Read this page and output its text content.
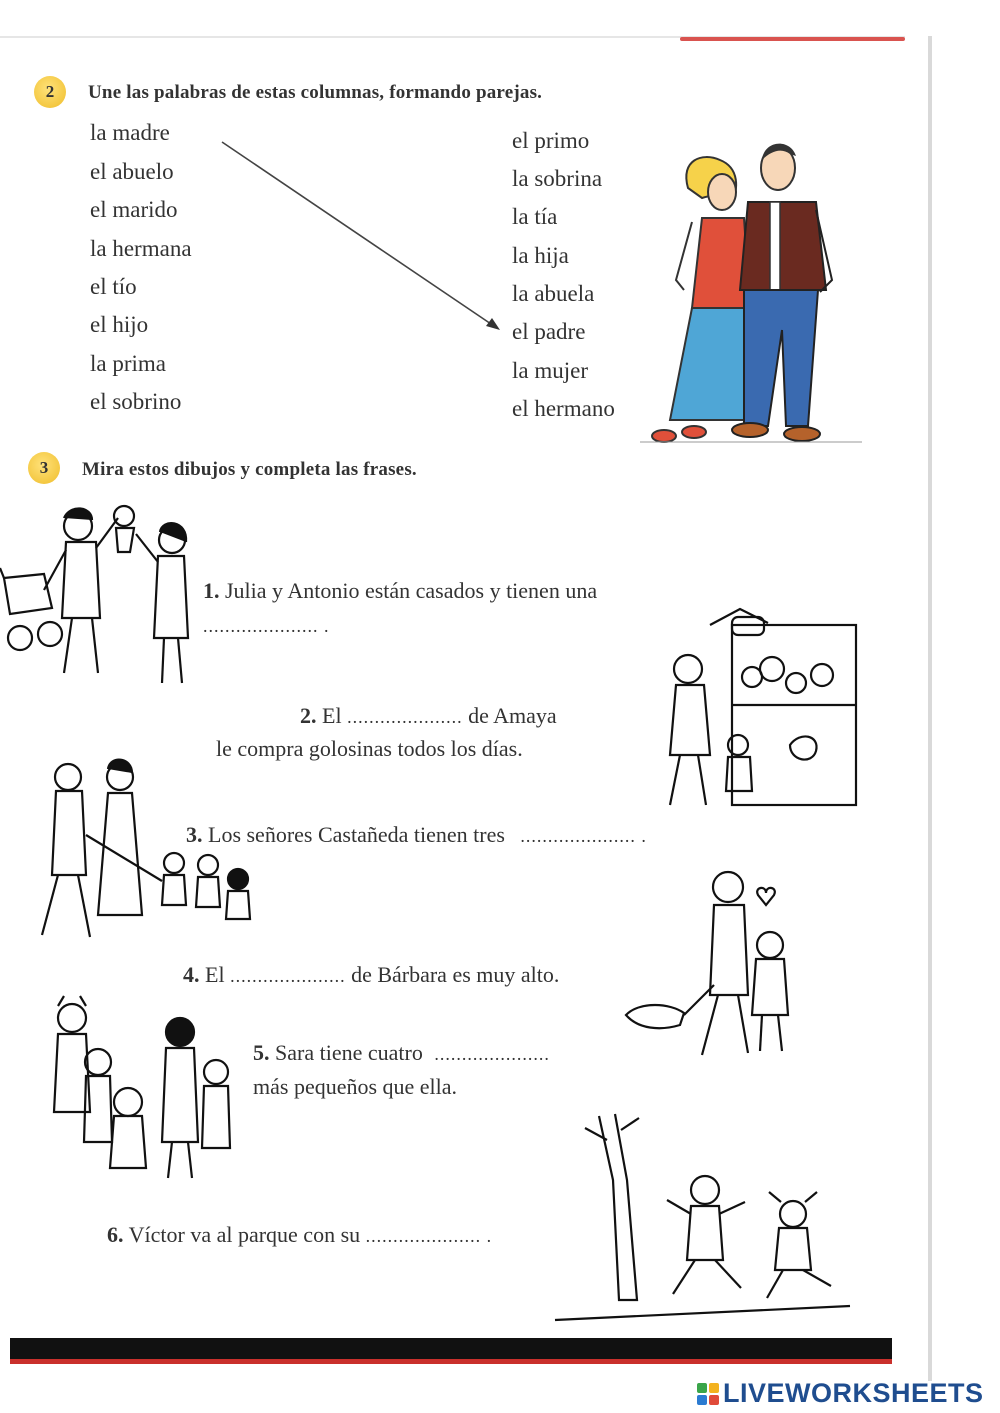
2 Une las palabras de estas columnas, formando parejas.
la madre
el abuelo
el marido
la hermana
el tío
el hijo
la prima
el sobrino
el primo
la sobrina
la tía
la hija
la abuela
el padre
la mujer
el hermano
3 Mira estos dibujos y completa las frases.
1. Julia y Antonio están casados y tienen una
..................... .
2. El ..................... de Amaya
le compra golosinas todos los días.
3. Los señores Castañeda tienen tres ..................... .
4. El ..................... de Bárbara es muy alto.
5. Sara tiene cuatro .....................
más pequeños que ella.
6. Víctor va al parque con su ..................... .
LIVEWORKSHEETS
